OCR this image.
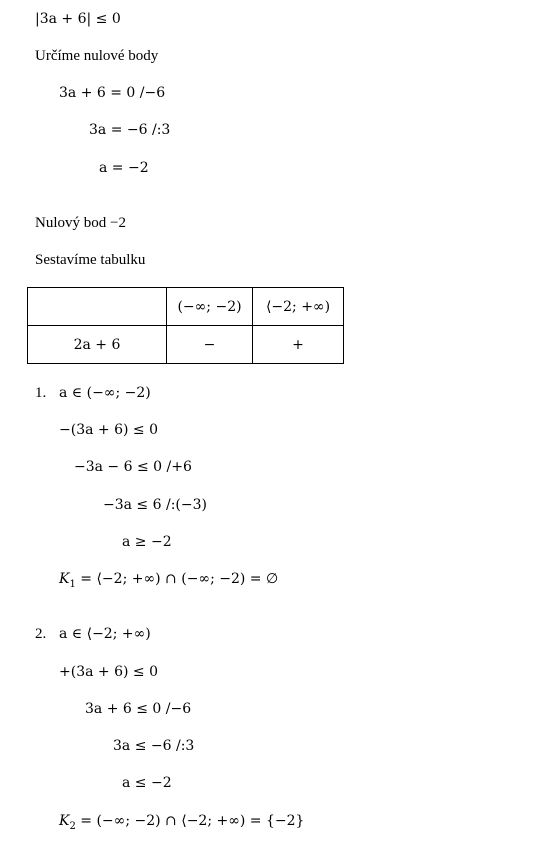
|3a + 6| ≤ 0
Určíme nulové body
3a + 6 = 0 /−6
3a = −6 /:3
a = −2
Nulový bod −2
Sestavíme tabulku
	(−∞; −2)	⟨−2; +∞)
2a + 6	−	+
1. a ∈ (−∞; −2)
−(3a + 6) ≤ 0
−3a − 6 ≤ 0 /+6
−3a ≤ 6 /:(−3)
a ≥ −2
$K_1$ = ⟨−2; +∞) ∩ (−∞; −2) = ∅
2. a ∈ ⟨−2; +∞)
+(3a + 6) ≤ 0
3a + 6 ≤ 0 /−6
3a ≤ −6 /:3
a ≤ −2
$K_2$ = (−∞; −2) ∩ ⟨−2; +∞) = {−2}
